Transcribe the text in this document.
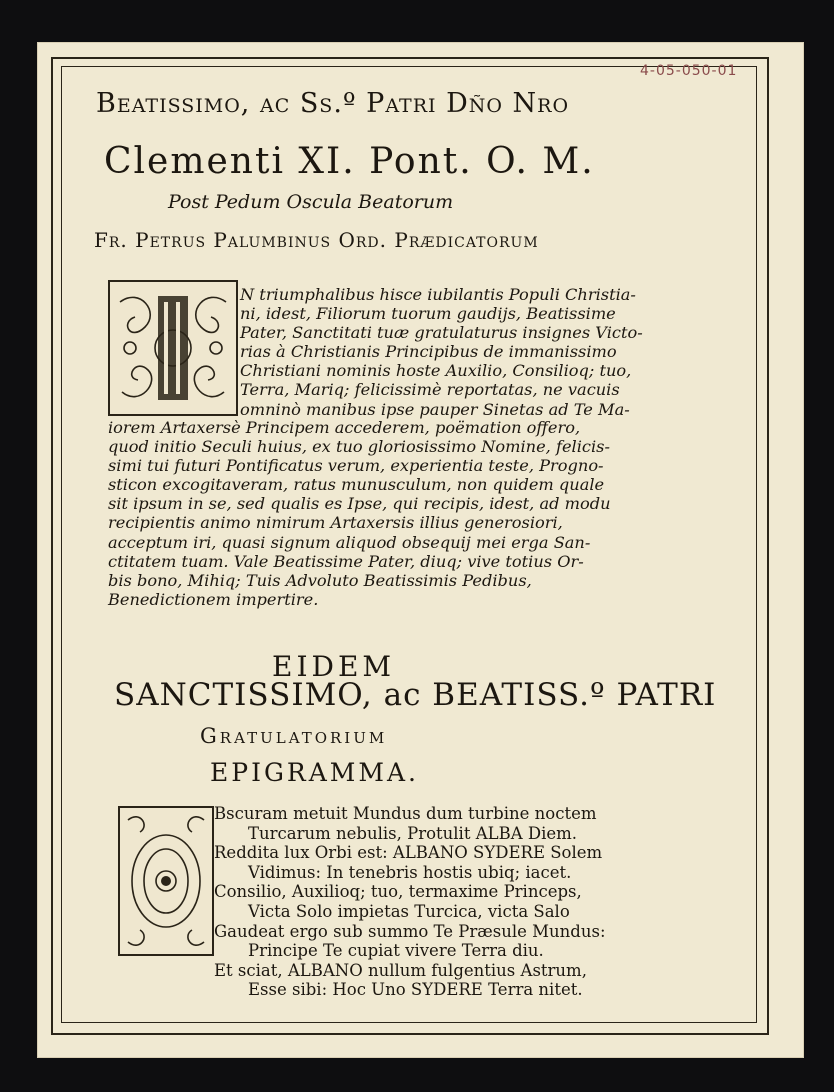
4-05-050-01
Beatissimo, ac Ss.º Patri Dño Nro
Clementi XI. Pont. O. M.
Post Pedum Oscula Beatorum
Fr. Petrus Palumbinus Ord. Prædicatorum
N triumphalibus hisce iubilantis Populi Christia-
ni, idest, Filiorum tuorum gaudijs, Beatissime
Pater, Sanctitati tuæ gratulaturus insignes Victo-
rias à Christianis Principibus de immanissimo
Christiani nominis hoste Auxilio, Consilioq; tuo,
Terra, Mariq; felicissimè reportatas, ne vacuis
omninò manibus ipse pauper Sinetas ad Te Ma-
iorem Artaxersè Principem accederem, poëmation offero,
quod initio Seculi huius, ex tuo gloriosissimo Nomine, felicis-
simi tui futuri Pontificatus verum, experientia teste, Progno-
sticon excogitaveram, ratus munusculum, non quidem quale
sit ipsum in se, sed qualis es Ipse, qui recipis, idest, ad modu
recipientis animo nimirum Artaxersis illius generosiori,
acceptum iri, quasi signum aliquod obsequij mei erga San-
ctitatem tuam. Vale Beatissime Pater, diuq; vive totius Or-
bis bono, Mihiq; Tuis Advoluto Beatissimis Pedibus,
Benedictionem impertire.
EIDEM
SANCTISSIMO, ac BEATISS.º PATRI
Gratulatorium
EPIGRAMMA.
Bscuram metuit Mundus dum turbine noctem
Turcarum nebulis, Protulit ALBA Diem.
Reddita lux Orbi est: ALBANO SYDERE Solem
Vidimus: In tenebris hostis ubiq; iacet.
Consilio, Auxilioq; tuo, termaxime Princeps,
Victa Solo impietas Turcica, victa Salo
Gaudeat ergo sub summo Te Præsule Mundus:
Principe Te cupiat vivere Terra diu.
Et sciat, ALBANO nullum fulgentius Astrum,
Esse sibi: Hoc Uno SYDERE Terra nitet.
